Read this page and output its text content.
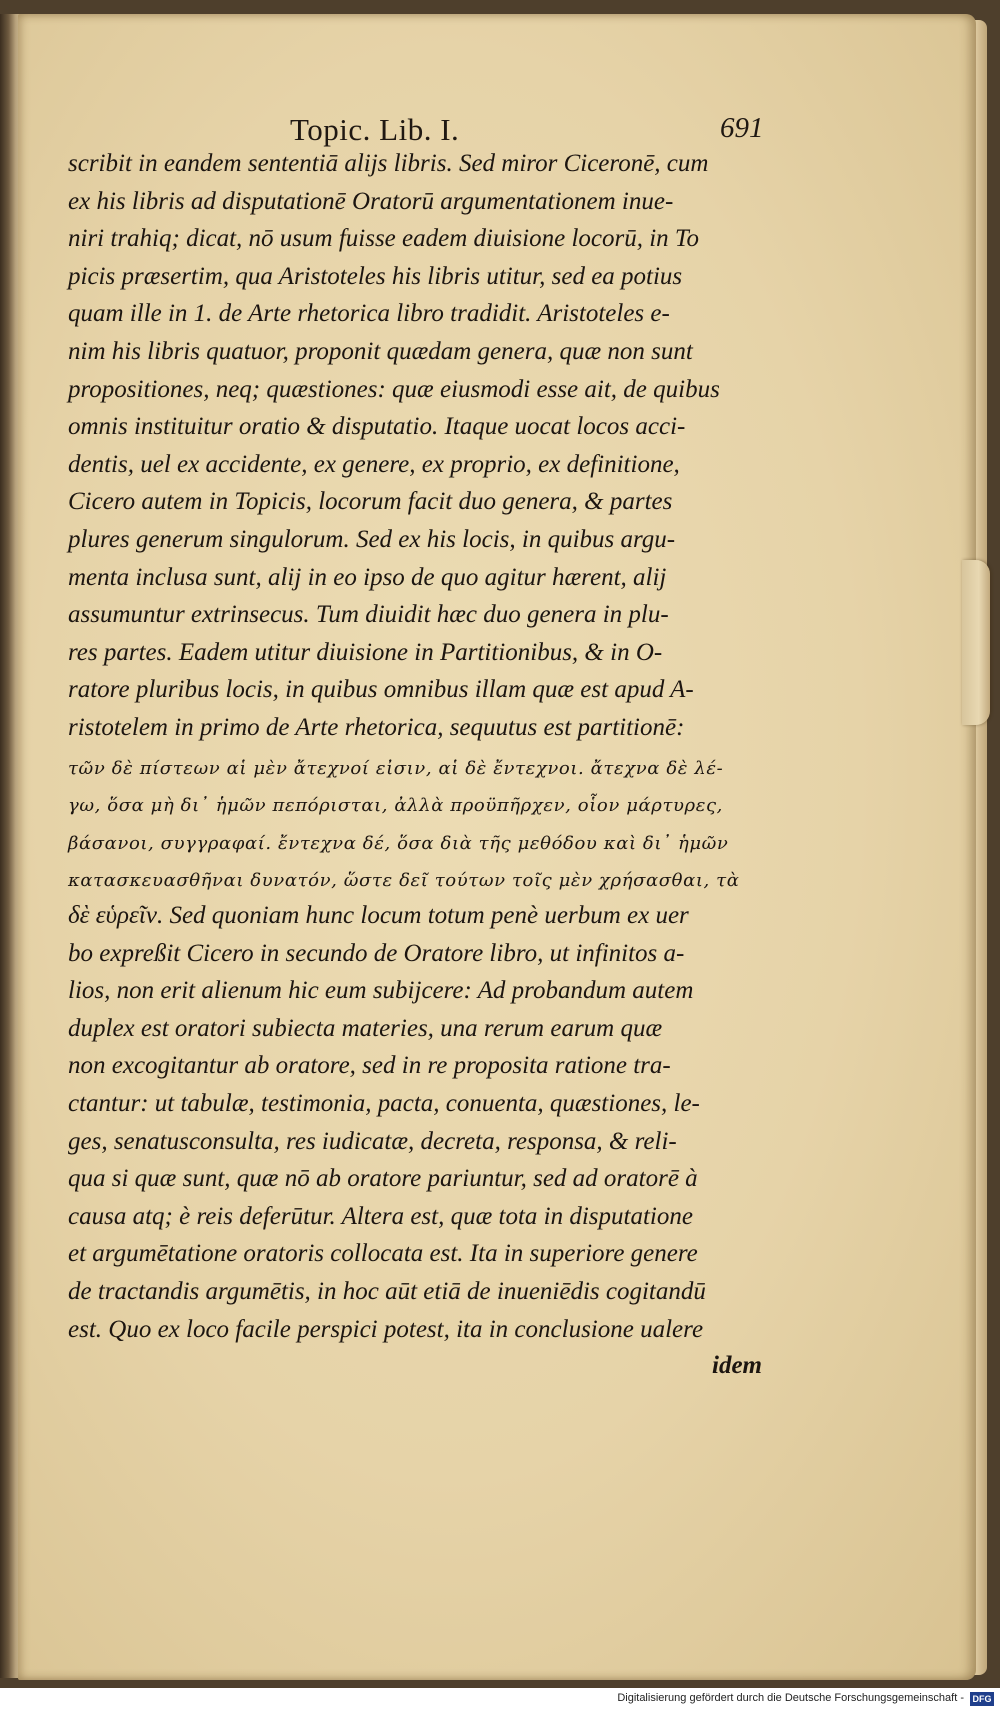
Topic. Lib. I.	691
scribit in eandem sententiā alijs libris. Sed miror Ciceronē, cum
ex his libris ad disputationē Oratorū argumentationem inue-
niri trahiq; dicat, nō usum fuisse eadem diuisione locorū, in To
picis præsertim, qua Aristoteles his libris utitur, sed ea potius
quam ille in 1. de Arte rhetorica libro tradidit. Aristoteles e-
nim his libris quatuor, proponit quædam genera, quæ non sunt
propositiones, neq; quæstiones: quæ eiusmodi esse ait, de quibus
omnis instituitur oratio & disputatio. Itaque uocat locos acci-
dentis, uel ex accidente, ex genere, ex proprio, ex definitione,
Cicero autem in Topicis, locorum facit duo genera, & partes
plures generum singulorum. Sed ex his locis, in quibus argu-
menta inclusa sunt, alij in eo ipso de quo agitur hærent, alij
assumuntur extrinsecus. Tum diuidit hæc duo genera in plu-
res partes. Eadem utitur diuisione in Partitionibus, & in O-
ratore pluribus locis, in quibus omnibus illam quæ est apud A-
ristotelem in primo de Arte rhetorica, sequutus est partitionē:
τῶν δὲ πίστεων αἱ μὲν ἄτεχνοί εἰσιν, αἱ δὲ ἔντεχνοι. ἄτεχνα δὲ λέ-
γω, ὅσα μὴ δι᾽ ἡμῶν πεπόρισται, ἀλλὰ προϋπῆρχεν, οἷον μάρτυρες,
βάσανοι, συγγραφαί. ἔντεχνα δέ, ὅσα διὰ τῆς μεθόδου καὶ δι᾽ ἡμῶν
κατασκευασθῆναι δυνατόν, ὥστε δεῖ τούτων τοῖς μὲν χρήσασθαι, τὰ
δὲ εὑρεῖν. Sed quoniam hunc locum totum penè uerbum ex uer
bo expreßit Cicero in secundo de Oratore libro, ut infinitos a-
lios, non erit alienum hic eum subijcere: Ad probandum autem
duplex est oratori subiecta materies, una rerum earum quæ
non excogitantur ab oratore, sed in re proposita ratione tra-
ctantur: ut tabulæ, testimonia, pacta, conuenta, quæstiones, le-
ges, senatusconsulta, res iudicatæ, decreta, responsa, & reli-
qua si quæ sunt, quæ nō ab oratore pariuntur, sed ad oratorē à
causa atq; è reis deferūtur. Altera est, quæ tota in disputatione
et argumētatione oratoris collocata est. Ita in superiore genere
de tractandis argumētis, in hoc aūt etiā de inueniēdis cogitandū
est. Quo ex loco facile perspici potest, ita in conclusione ualere
idem
Digitalisierung gefördert durch die Deutsche Forschungsgemeinschaft - DFG
